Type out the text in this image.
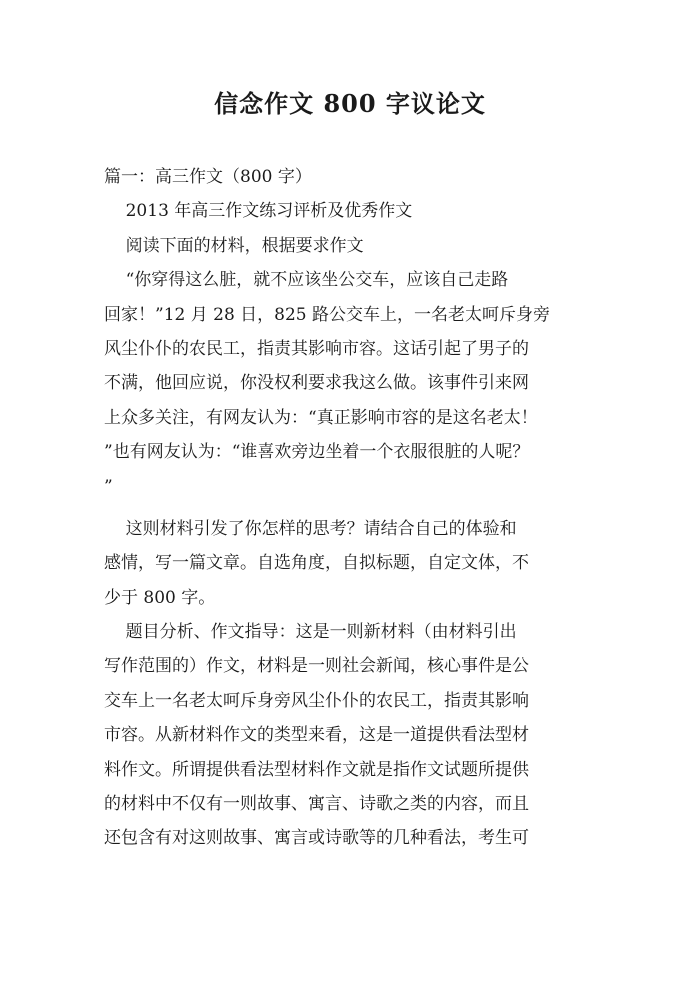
信念作文 800 字议论文
篇一：高三作文（800 字）
2013 年高三作文练习评析及优秀作文
阅读下面的材料，根据要求作文
“你穿得这么脏，就不应该坐公交车，应该自己走路
回家！”12 月 28 日，825 路公交车上，一名老太呵斥身旁
风尘仆仆的农民工，指责其影响市容。这话引起了男子的
不满，他回应说，你没权利要求我这么做。该事件引来网
上众多关注，有网友认为：“真正影响市容的是这名老太！
”也有网友认为：“谁喜欢旁边坐着一个衣服很脏的人呢？
”
这则材料引发了你怎样的思考？请结合自己的体验和
感情，写一篇文章。自选角度，自拟标题，自定文体，不
少于 800 字。
题目分析、作文指导：这是一则新材料（由材料引出
写作范围的）作文，材料是一则社会新闻，核心事件是公
交车上一名老太呵斥身旁风尘仆仆的农民工，指责其影响
市容。从新材料作文的类型来看，这是一道提供看法型材
料作文。所谓提供看法型材料作文就是指作文试题所提供
的材料中不仅有一则故事、寓言、诗歌之类的内容，而且
还包含有对这则故事、寓言或诗歌等的几种看法，考生可
